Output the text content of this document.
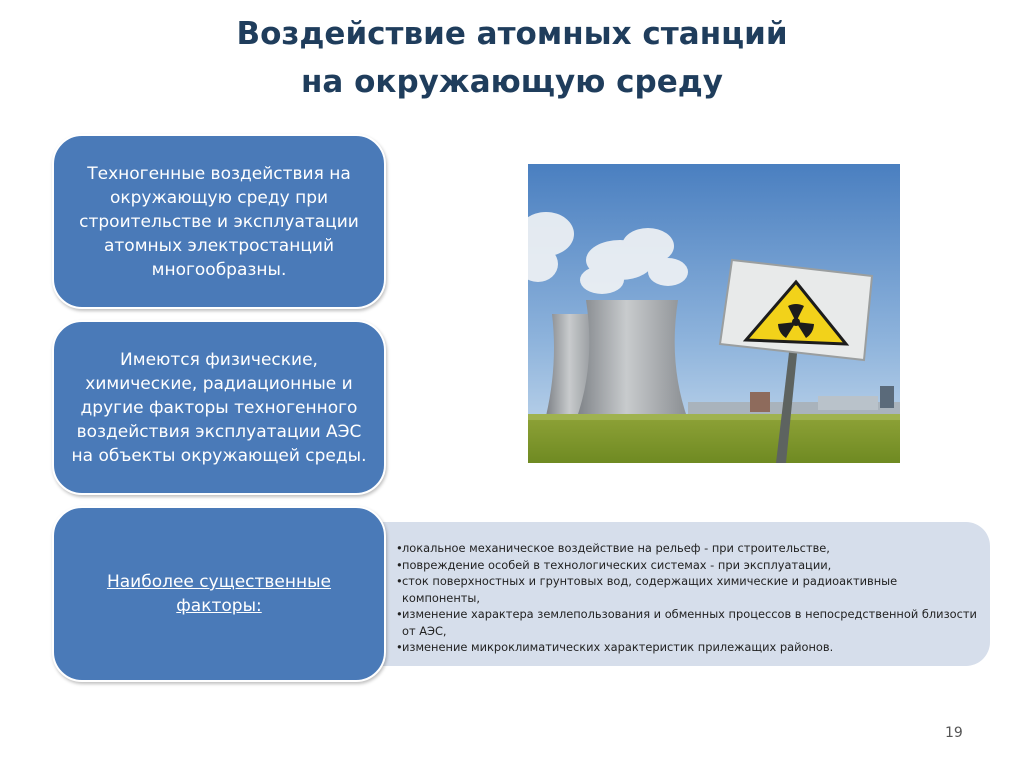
Воздействие атомных станций
на окружающую среду
Техногенные воздействия на окружающую среду при строительстве и эксплуатации атомных электростанций многообразны.
Имеются физические, химические, радиационные и другие факторы техногенного воздействия эксплуатации АЭС на объекты окружающей среды.
Наиболее существенные факторы:
• локальное механическое воздействие на рельеф - при строительстве,
• повреждение особей в технологических системах - при эксплуатации,
• сток поверхностных и грунтовых вод, содержащих химические и радиоактивные компоненты,
• изменение характера землепользования и обменных процессов в непосредственной близости от АЭС,
• изменение микроклиматических характеристик прилежащих районов.
19
